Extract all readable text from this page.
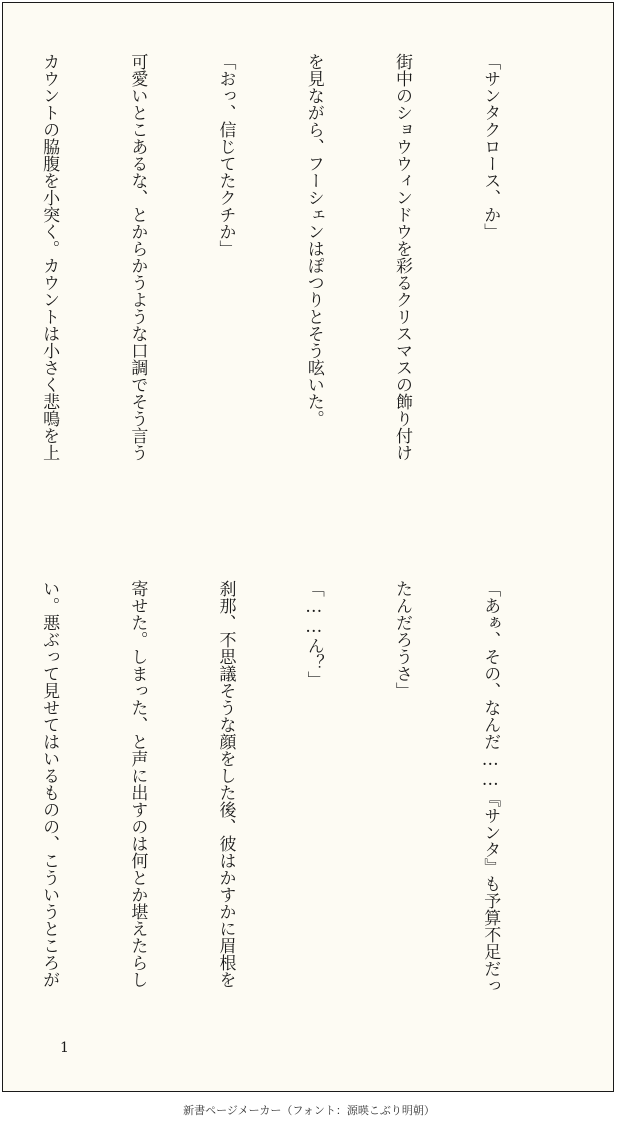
「サンタクロース、か」

街中のショウウィンドウを彩るクリスマスの飾り付け

を見ながら、フーシェンはぽつりとそう呟いた。

「おっ、信じてたクチか」

可愛いとこあるな、とからかうような口調でそう言う

カウントの脇腹を小突く。カウントは小さく悲鳴を上

「あぁ、その、なんだ……『サンタ』も予算不足だっ

たんだろうさ」

「……ん？」

刹那、不思議そうな顔をした後、彼はかすかに眉根を

寄せた。しまった、と声に出すのは何とか堪えたらし

い。悪ぶって見せてはいるものの、こういうところが

1
新書ページメーカー（フォント：源暎こぶり明朝）
